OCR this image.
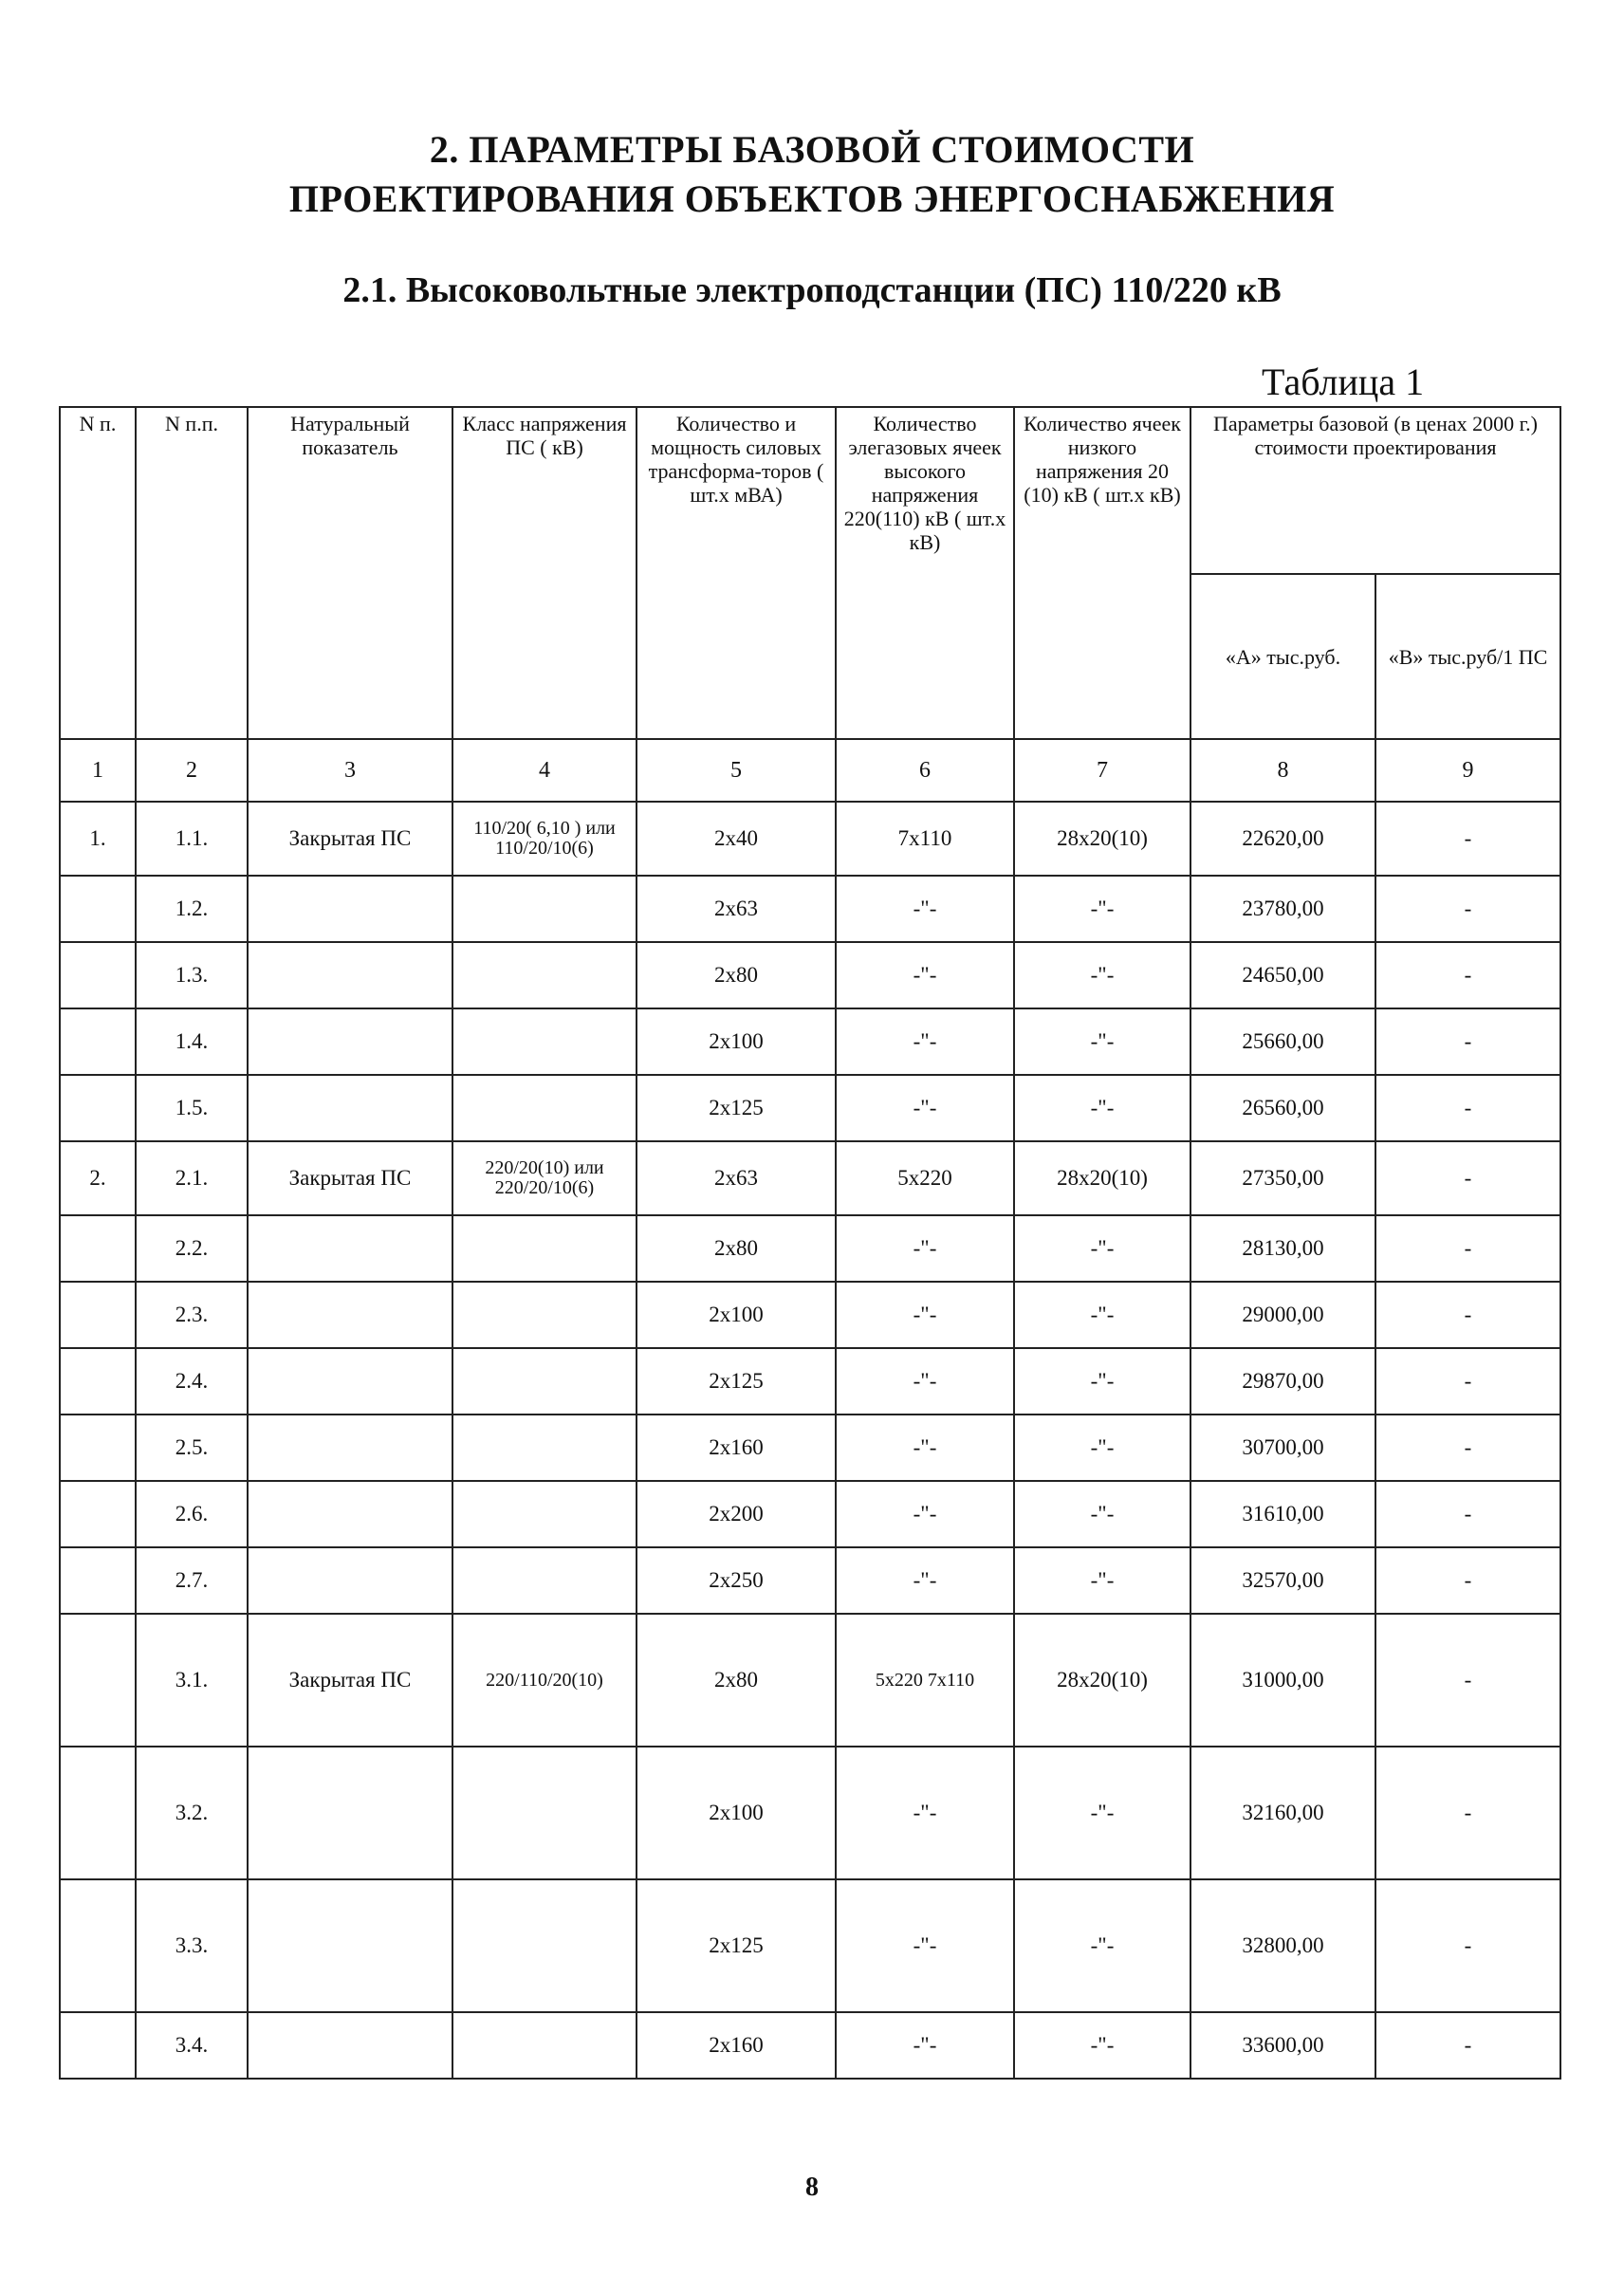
2. ПАРАМЕТРЫ БАЗОВОЙ СТОИМОСТИ
ПРОЕКТИРОВАНИЯ ОБЪЕКТОВ ЭНЕРГОСНАБЖЕНИЯ
2.1. Высоковольтные электроподстанции (ПС) 110/220 кВ
Таблица 1
N п.	N п.п.	Натуральный показатель	Класс напряжения ПС ( кВ)	Количество и мощность силовых трансформа-торов ( шт.х мВА)	Количество элегазовых ячеек высокого напряжения 220(110) кВ ( шт.х кВ)	Количество ячеек низкого напряжения 20 (10) кВ ( шт.х кВ)	Параметры базовой (в ценах 2000 г.) стоимости проектирования	
							«А» тыс.руб.	«В» тыс.руб/1 ПС
1	2	3	4	5	6	7	8	9
1.	1.1.	Закрытая ПС	110/20( 6,10 ) или 110/20/10(6)	2х40	7х110	28х20(10)	22620,00	-
	1.2.			2х63	-"-	-"-	23780,00	-
	1.3.			2х80	-"-	-"-	24650,00	-
	1.4.			2х100	-"-	-"-	25660,00	-
	1.5.			2х125	-"-	-"-	26560,00	-
2.	2.1.	Закрытая ПС	220/20(10) или 220/20/10(6)	2х63	5х220	28х20(10)	27350,00	-
	2.2.			2х80	-"-	-"-	28130,00	-
	2.3.			2х100	-"-	-"-	29000,00	-
	2.4.			2х125	-"-	-"-	29870,00	-
	2.5.			2х160	-"-	-"-	30700,00	-
	2.6.			2х200	-"-	-"-	31610,00	-
	2.7.			2х250	-"-	-"-	32570,00	-
	3.1.	Закрытая ПС	220/110/20(10)	2х80	5х220 7х110	28х20(10)	31000,00	-
	3.2.			2х100	-"-	-"-	32160,00	-
	3.3.			2х125	-"-	-"-	32800,00	-
	3.4.			2х160	-"-	-"-	33600,00	-
8
